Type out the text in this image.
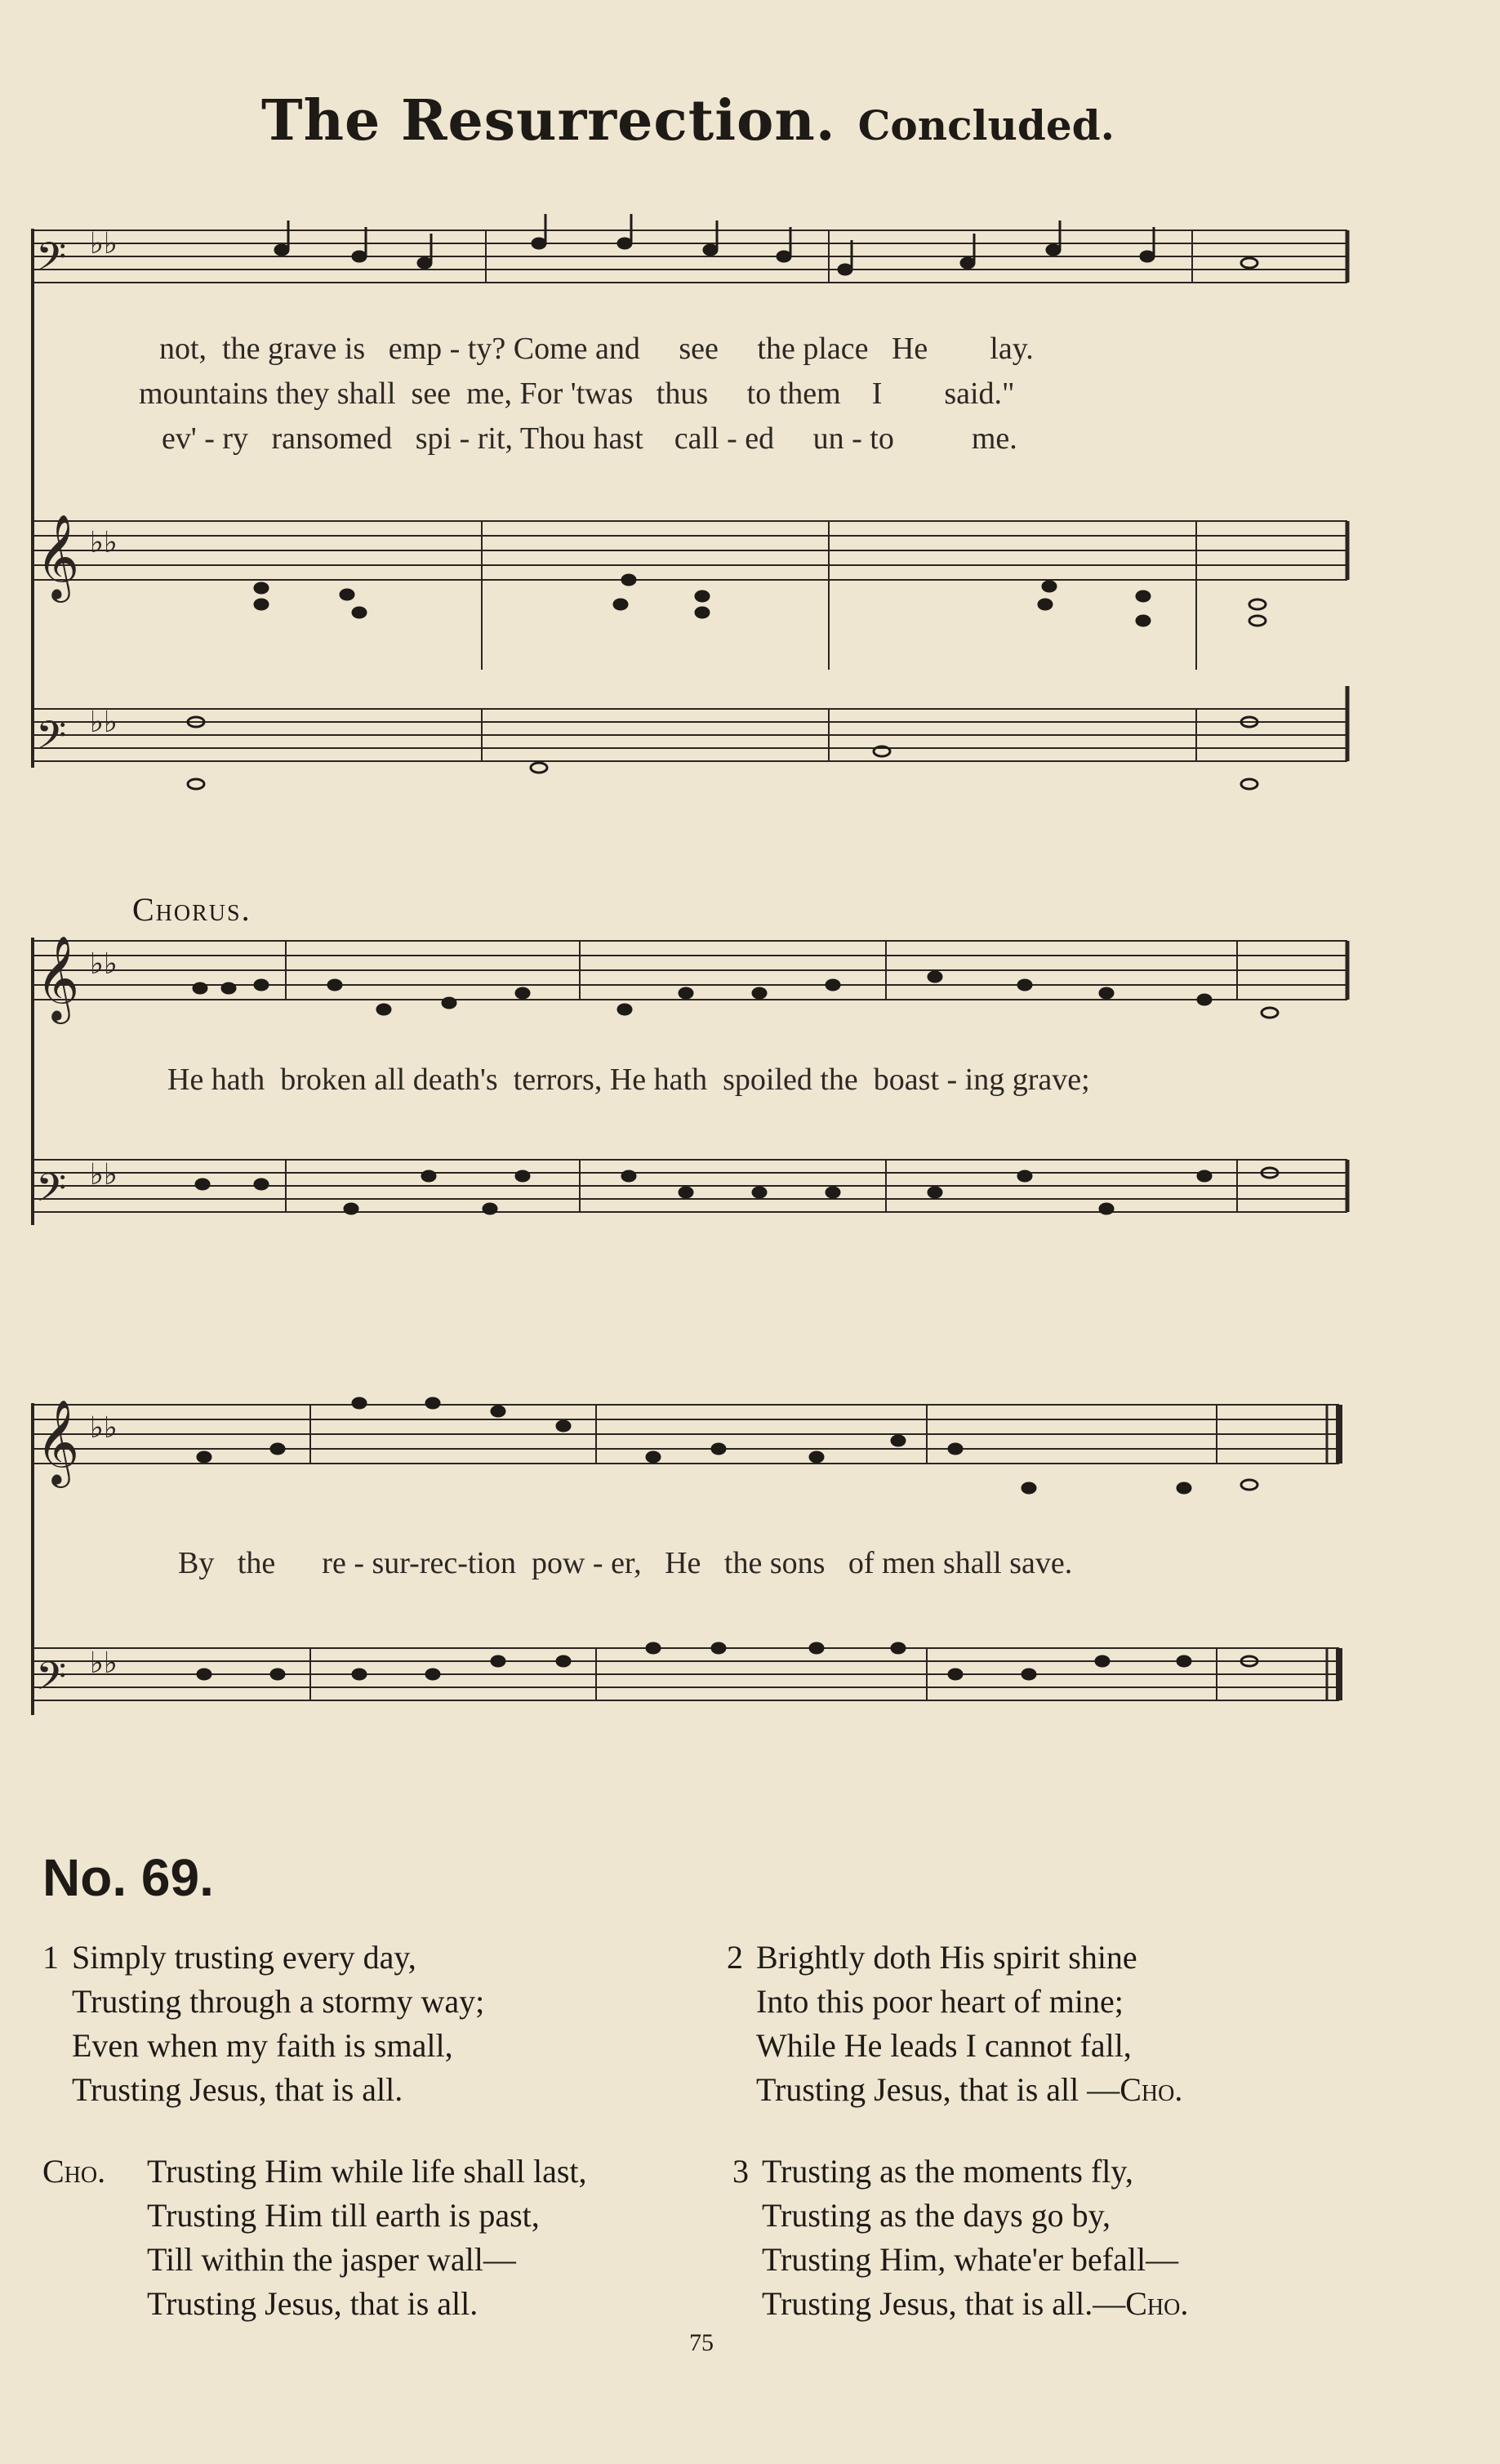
The Resurrection. Concluded.
𝄢 ♭♭
𝄞 ♭♭
𝄢 ♭♭
not, the grave is emp - ty? Come and see the place He lay.
mountains they shall see me, For 'twas thus to them I said."
ev' - ry ransomed spi - rit, Thou hast call - ed un - to	me.
Chorus.
𝄞 ♭♭
𝄢 ♭♭
He hath broken all death's terrors, He hath spoiled the boast - ing grave;
𝄞 ♭♭
𝄢 ♭♭
By the re - sur-rec-tion pow - er, He the sons of men shall save.
No. 69.
1 Simply trusting every day,
Trusting through a stormy way;
Even when my faith is small,
Trusting Jesus, that is all.
2 Brightly doth His spirit shine
Into this poor heart of mine;
While He leads I cannot fall,
Trusting Jesus, that is all —Cho.
Cho. Trusting Him while life shall last,
Trusting Him till earth is past,
Till within the jasper wall—
Trusting Jesus, that is all.
3 Trusting as the moments fly,
Trusting as the days go by,
Trusting Him, whate'er befall—
Trusting Jesus, that is all.—Cho.
75
